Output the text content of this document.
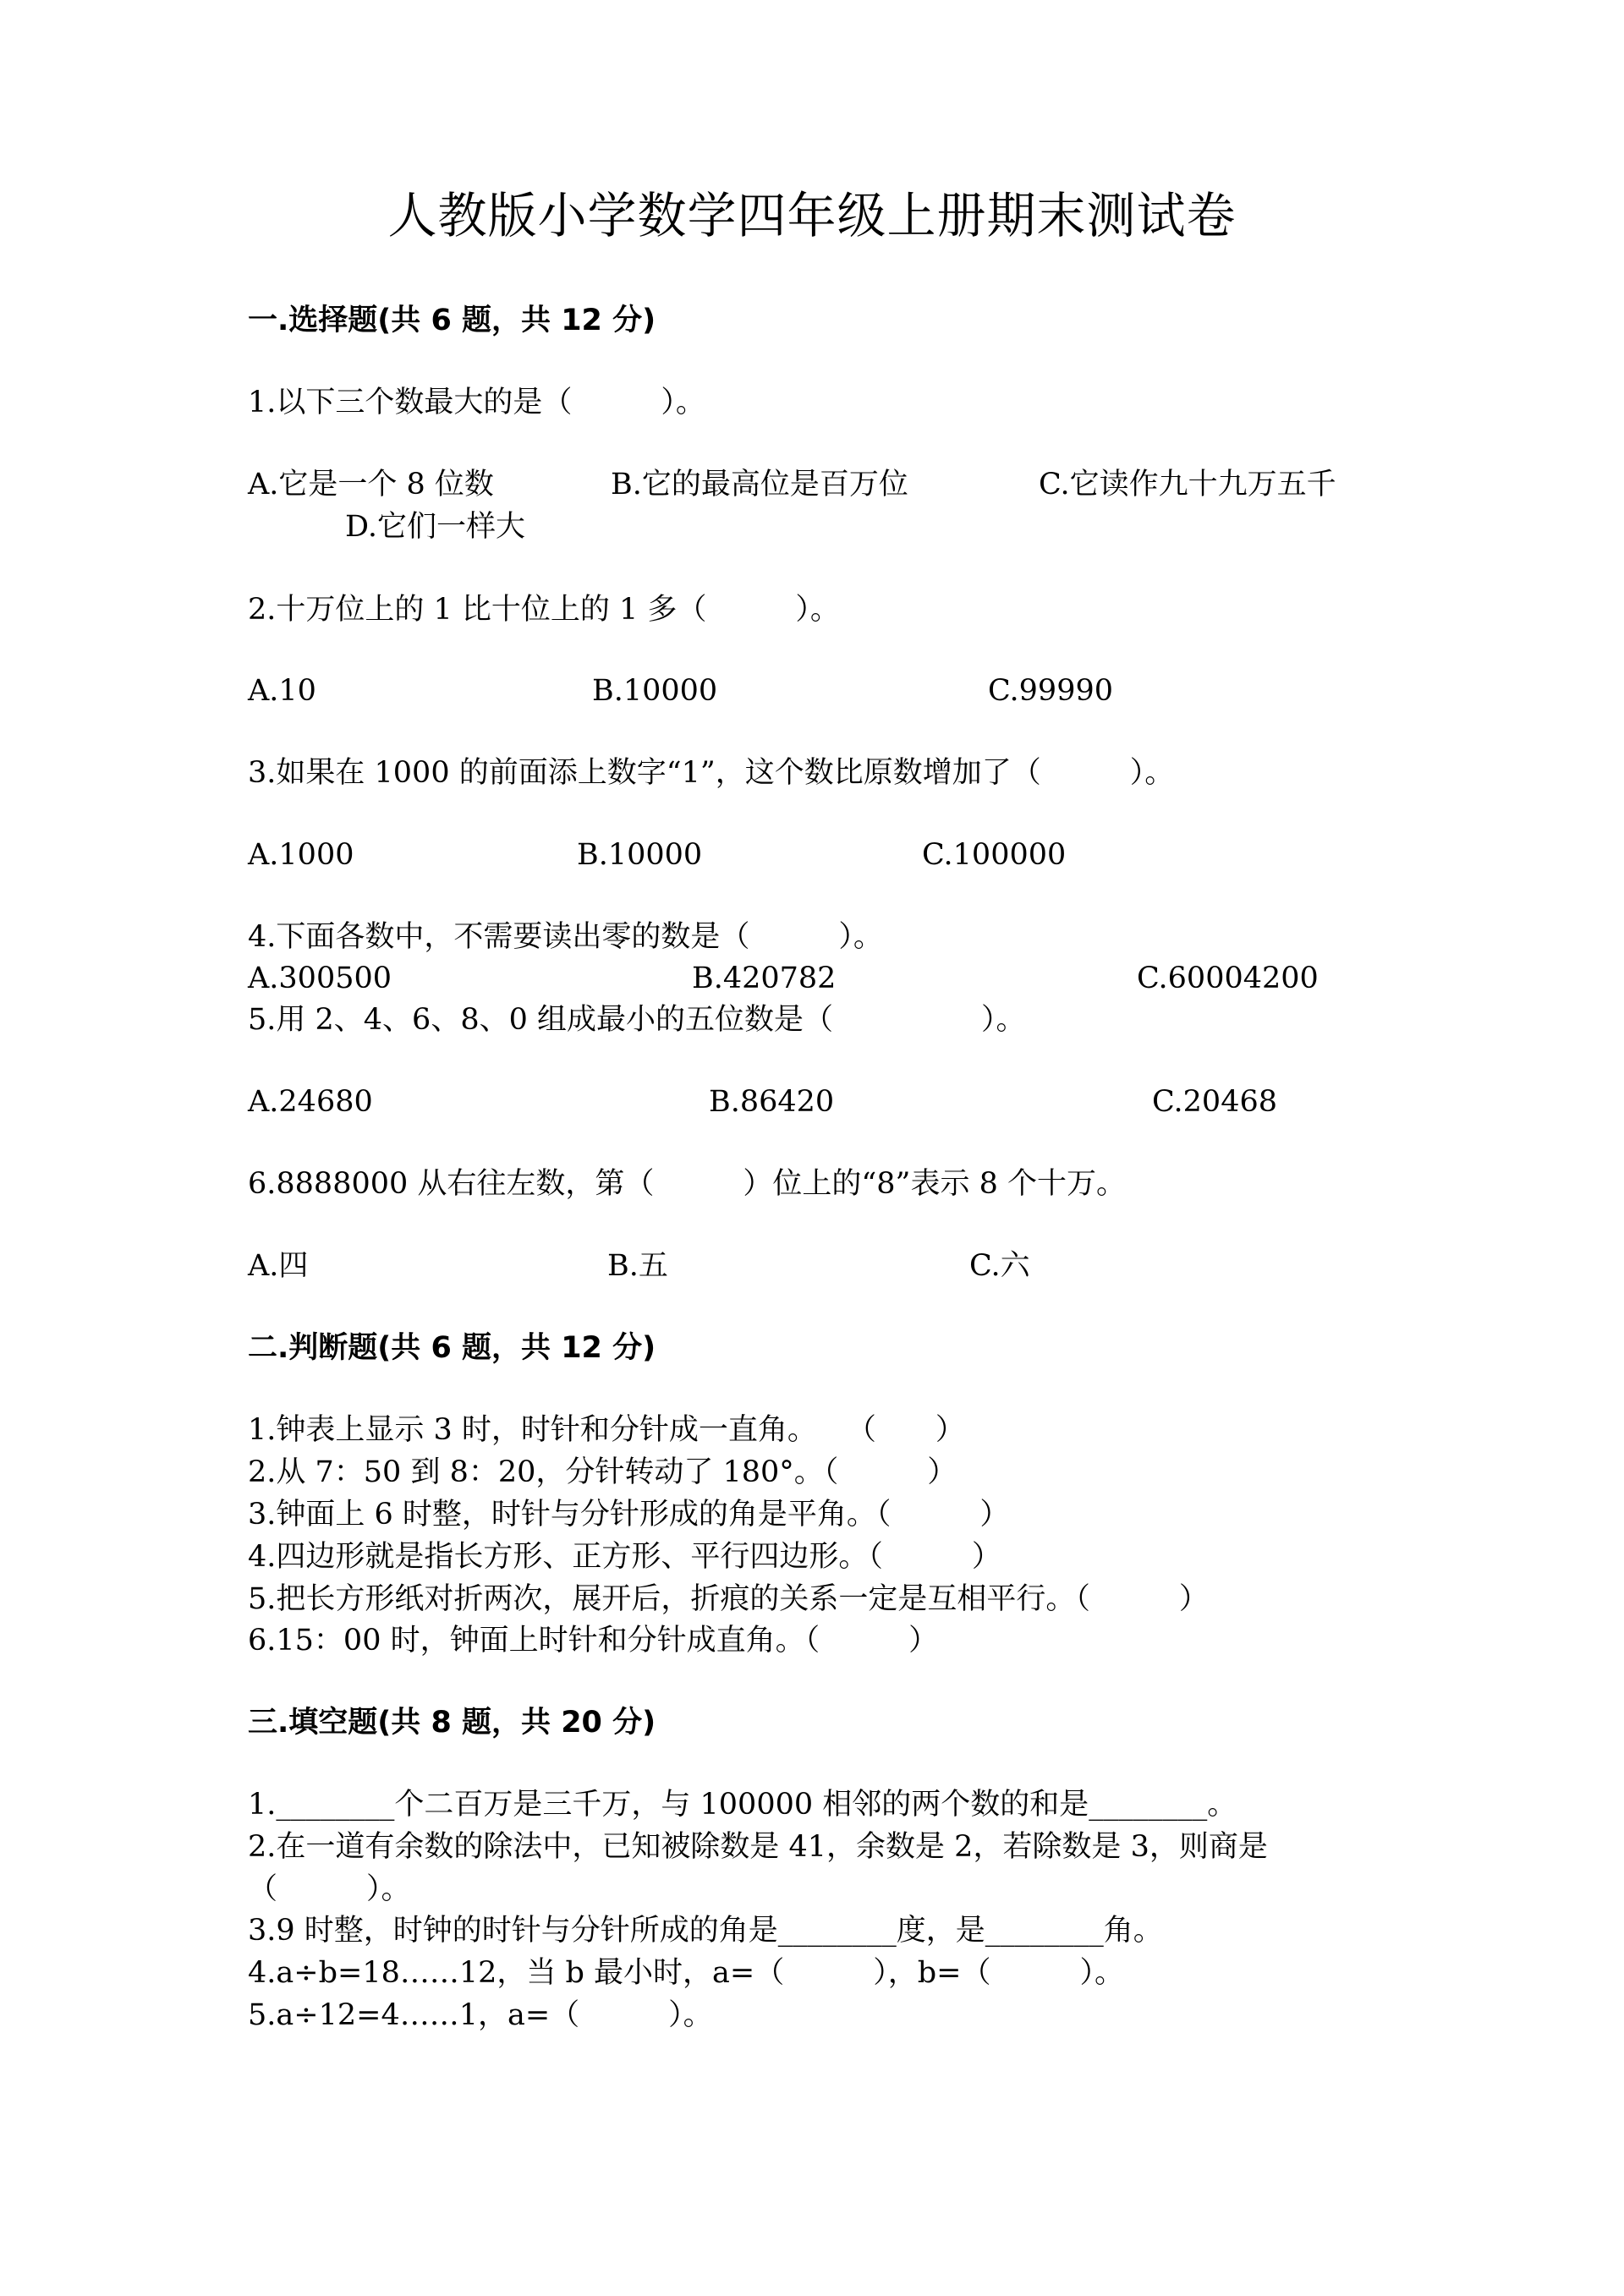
人教版小学数学四年级上册期末测试卷
一.选择题(共 6 题，共 12 分)
1.以下三个数最大的是（　　　）。
A.它是一个 8 位数	B.它的最高位是百万位	C.它读作九十九万五千
D.它们一样大
2.十万位上的 1 比十位上的 1 多（　　　）。
A.10	B.10000	C.99990
3.如果在 1000 的前面添上数字“1”，这个数比原数增加了（　　　）。
A.1000	B.10000	C.100000
4.下面各数中，不需要读出零的数是（　　　）。
A.300500	B.420782	C.60004200
5.用 2、4、6、8、0 组成最小的五位数是（　　　　　）。
A.24680	B.86420	C.20468
6.8888000 从右往左数，第（　　　）位上的“8”表示 8 个十万。
A.四	B.五	C.六
二.判断题(共 6 题，共 12 分)
1.钟表上显示 3 时，时针和分针成一直角。　　（　　）
2.从 7：50 到 8：20，分针转动了 180°。（　　　）
3.钟面上 6 时整，时针与分针形成的角是平角。（　　　）
4.四边形就是指长方形、正方形、平行四边形。（　　　）
5.把长方形纸对折两次，展开后，折痕的关系一定是互相平行。（　　　）
6.15：00 时，钟面上时针和分针成直角。（　　　）
三.填空题(共 8 题，共 20 分)
1.________个二百万是三千万，与 100000 相邻的两个数的和是________。
2.在一道有余数的除法中，已知被除数是 41，余数是 2，若除数是 3，则商是
（　　　）。
3.9 时整，时钟的时针与分针所成的角是________度，是________角。
4.a÷b=18……12，当 b 最小时，a=（　　　），b=（　　　）。
5.a÷12=4……1，a=（　　　）。
